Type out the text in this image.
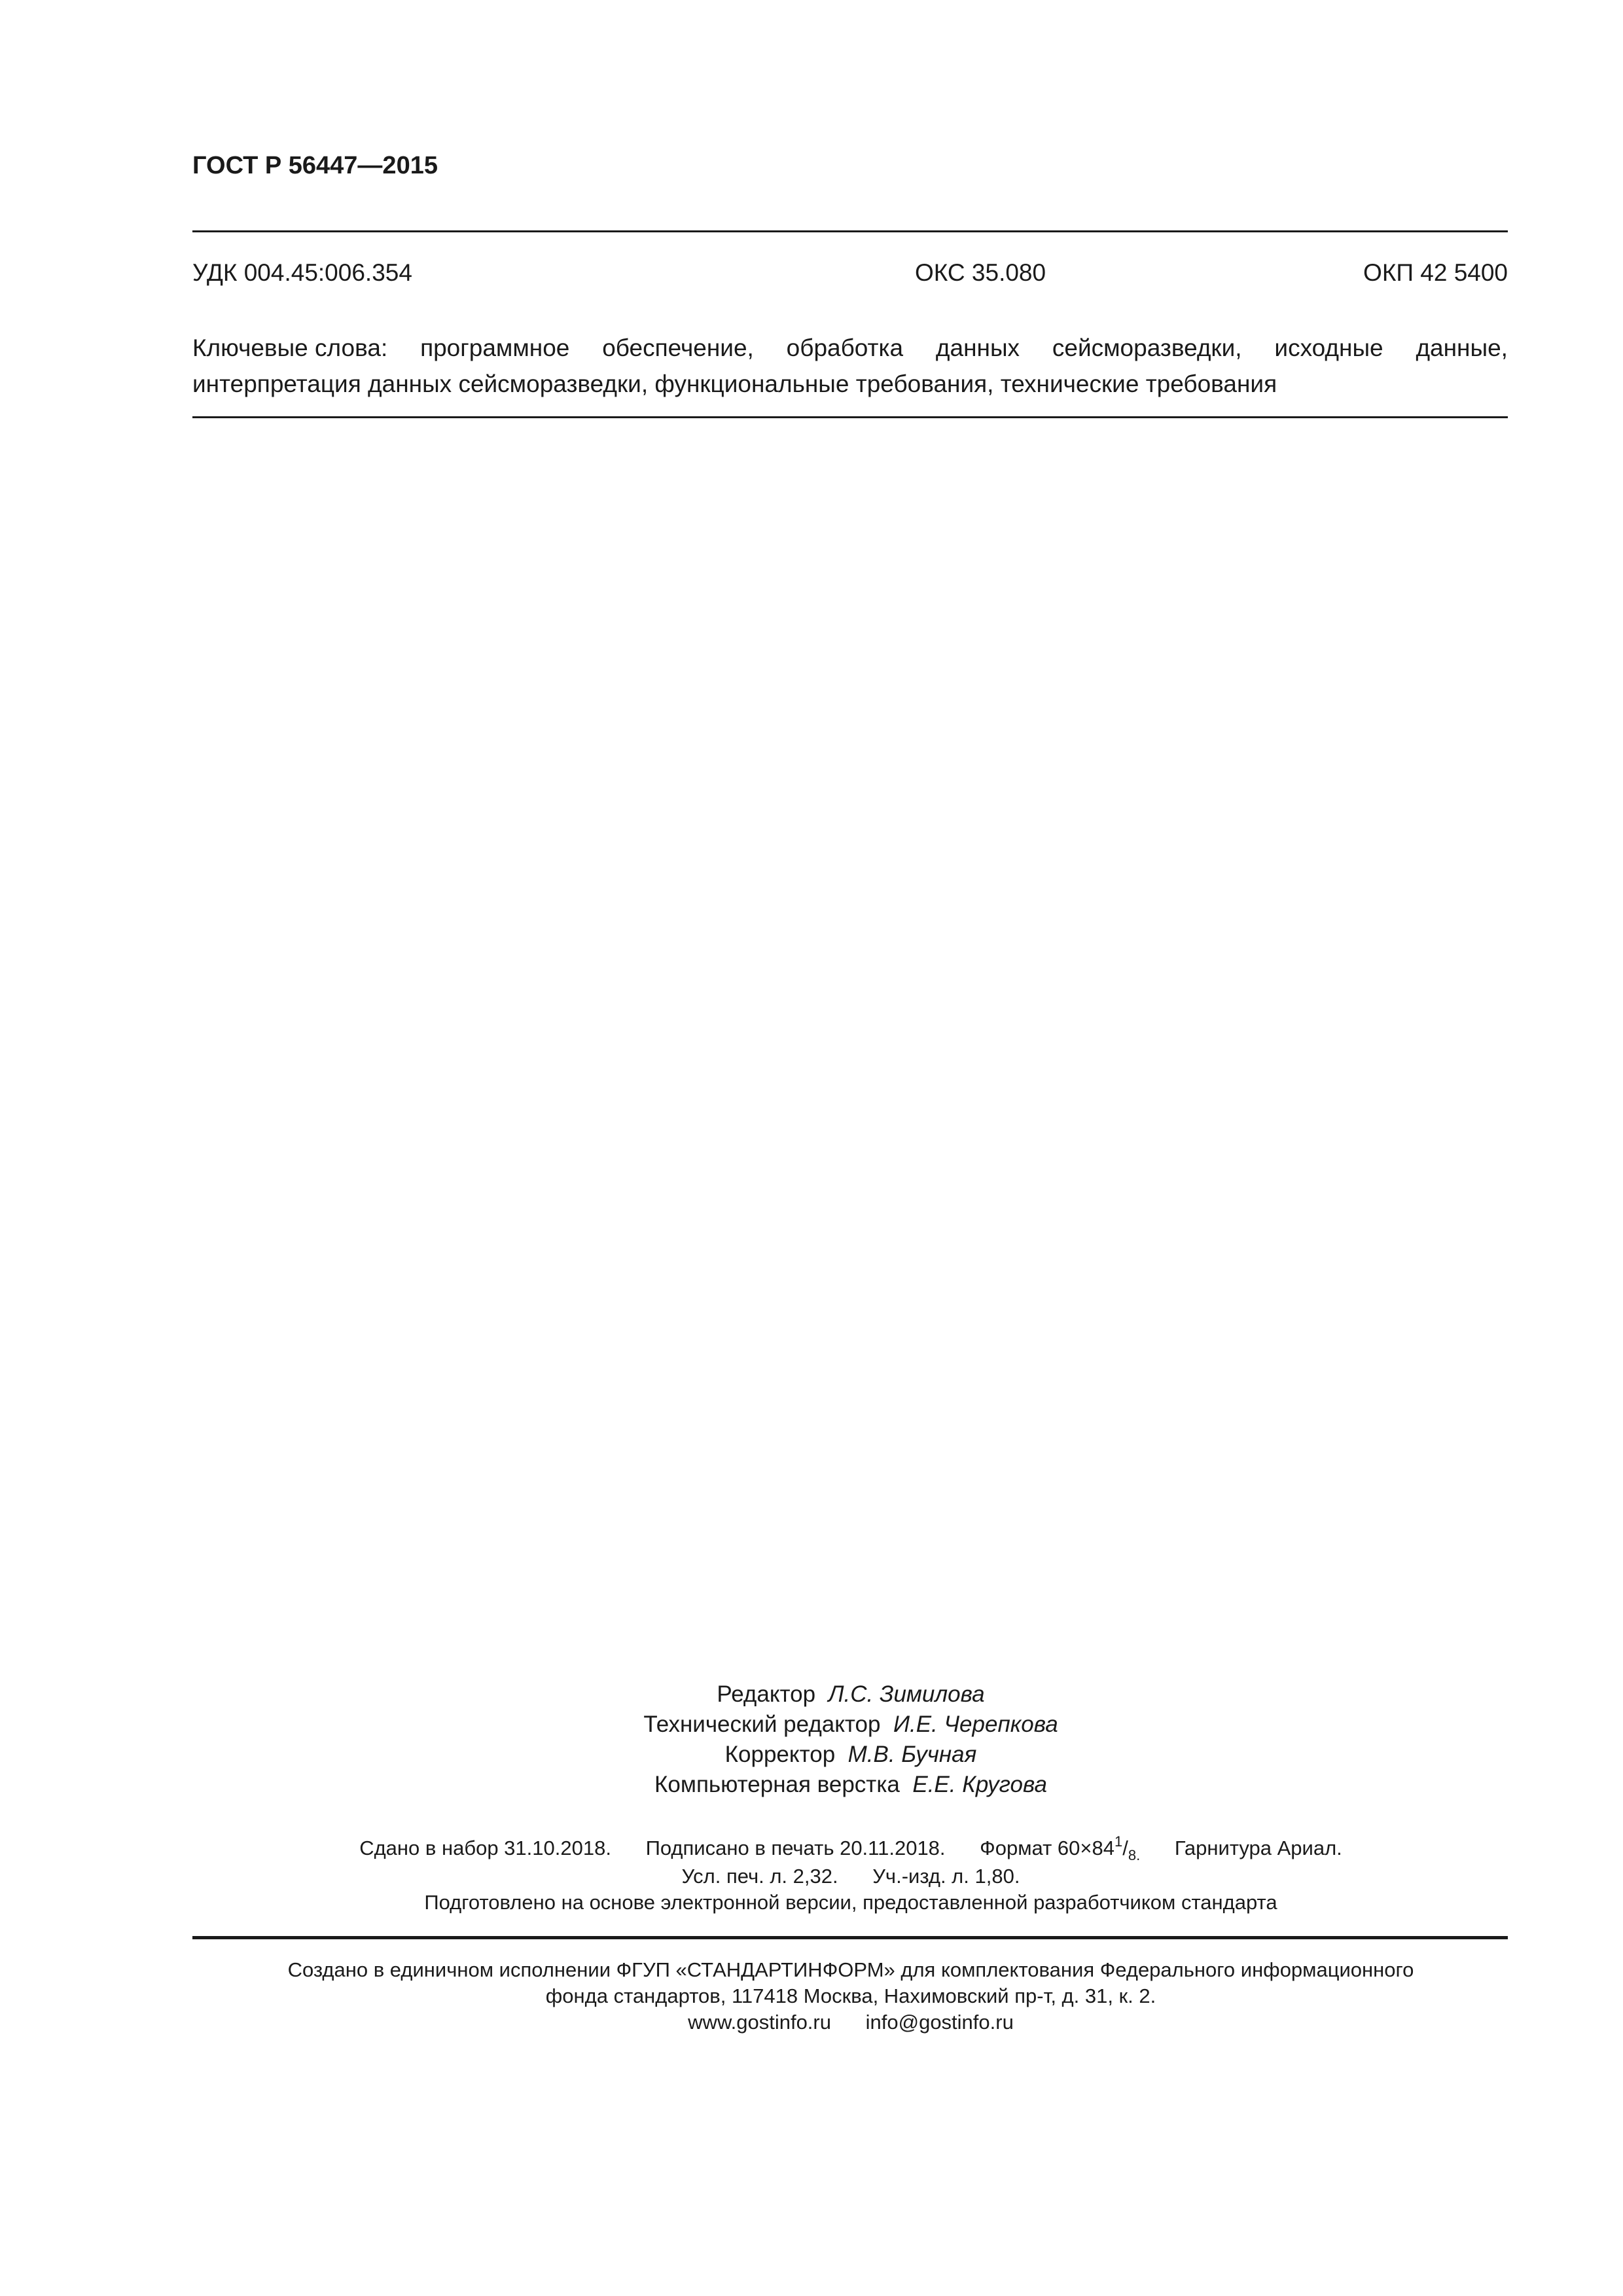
ГОСТ Р 56447—2015
УДК 004.45:006.354	ОКС 35.080	ОКП 42 5400
Ключевые слова: программное обеспечение, обработка данных сейсморазведки, исходные данные,
интерпретация данных сейсморазведки, функциональные требования, технические требования
Редактор Л.С. Зимилова
Технический редактор И.Е. Черепкова
Корректор М.В. Бучная
Компьютерная верстка Е.Е. Кругова
Сдано в набор 31.10.2018. Подписано в печать 20.11.2018. Формат $60\times 84^1/_{8.}$ Гарнитура Ариал.
Усл. печ. л. 2,32. Уч.-изд. л. 1,80.
Подготовлено на основе электронной версии, предоставленной разработчиком стандарта
Создано в единичном исполнении ФГУП «СТАНДАРТИНФОРМ» для комплектования Федерального информационного
фонда стандартов, 117418 Москва, Нахимовский пр-т, д. 31, к. 2.
www.gostinfo.ru info@gostinfo.ru
